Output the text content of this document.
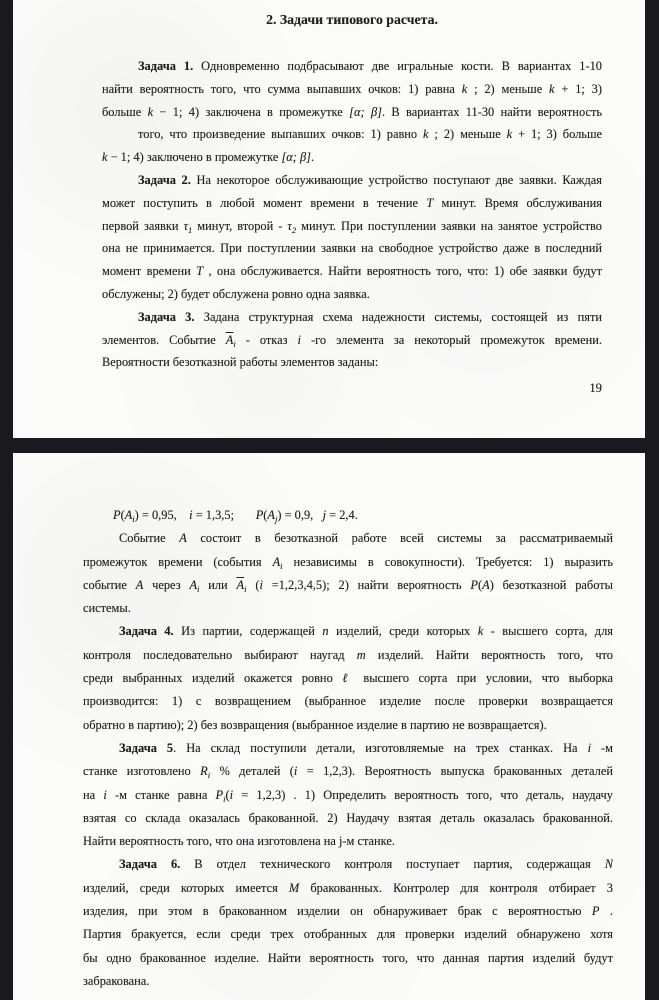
2. Задачи типового расчета.
Задача 1. Одновременно подбрасывают две игральные кости. В вариантах 1-10
найти вероятность того, что сумма выпавших очков: 1) равна k ; 2) меньше k + 1; 3)
больше k − 1; 4) заключена в промежутке [α; β]. В вариантах 11-30 найти вероятность
того, что произведение выпавших очков: 1) равно k ; 2) меньше k + 1; 3) больше
k − 1; 4) заключено в промежутке [α; β].
Задача 2. На некоторое обслуживающие устройство поступают две заявки. Каждая
может поступить в любой момент времени в течение T минут. Время обслуживания
первой заявки $\tau_1$ минут, второй - $\tau_2$ минут. При поступлении заявки на занятое устройство
она не принимается. При поступлении заявки на свободное устройство даже в последний
момент времени T , она обслуживается. Найти вероятность того, что: 1) обе заявки будут
обслужены; 2) будет обслужена ровно одна заявка.
Задача 3. Задана структурная схема надежности системы, состоящей из пяти
элементов. Событие $\overline{A}_i$ - отказ i -го элемента за некоторый промежуток времени.
Вероятности безотказной работы элементов заданы:
19
$P(A_i) = 0,95$,    i = 1,3,5;       $P(A_j) = 0,9$,   j = 2,4.
Событие A состоит в безотказной работе всей системы за рассматриваемый
промежуток времени (события $A_i$ независимы в совокупности). Требуется: 1) выразить
событие A через $A_i$ или $\overline{A}_i$ (i =1,2,3,4,5); 2) найти вероятность P(A) безотказной работы
системы.
Задача 4. Из партии, содержащей n изделий, среди которых k - высшего сорта, для
контроля последовательно выбирают наугад m изделий. Найти вероятность того, что
среди выбранных изделий окажется ровно ℓ высшего сорта при условии, что выборка
производится: 1) с возвращением (выбранное изделие после проверки возвращается
обратно в партию); 2) без возвращения (выбранное изделие в партию не возвращается).
Задача 5. На склад поступили детали, изготовляемые на трех станках. На i -м
станке изготовлено $R_i$ % деталей (i = 1,2,3). Вероятность выпуска бракованных деталей
на i -м станке равна $P_i(i = 1,2,3)$ . 1) Определить вероятность того, что деталь, наудачу
взятая со склада оказалась бракованной. 2) Наудачу взятая деталь оказалась бракованной.
Найти вероятность того, что она изготовлена на j-м станке.
Задача 6. В отдел технического контроля поступает партия, содержащая N
изделий, среди которых имеется M бракованных. Контролер для контроля отбирает 3
изделия, при этом в бракованном изделии он обнаруживает брак с вероятностью P .
Партия бракуется, если среди трех отобранных для проверки изделий обнаружено хотя
бы одно бракованное изделие. Найти вероятность того, что данная партия изделий будут
забракована.
